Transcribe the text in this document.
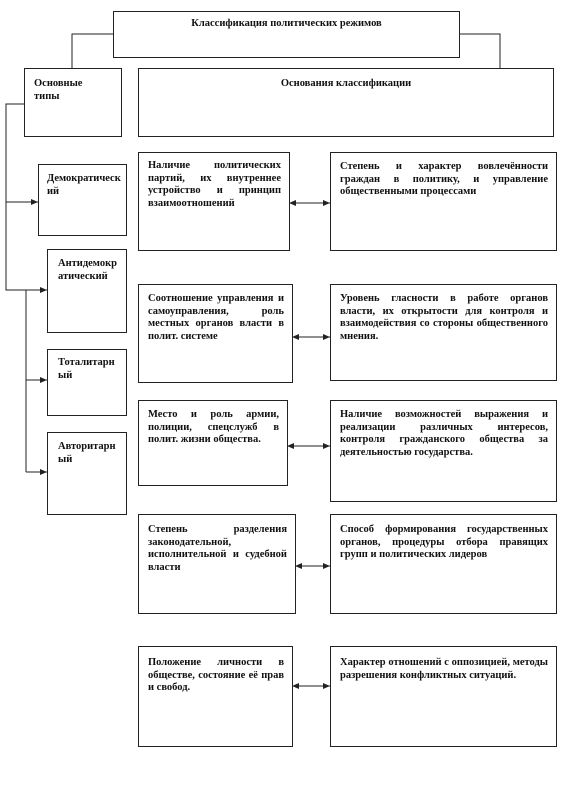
Классификация политических режимов
Основные типы
Основания классификации
Демократический
Антидемократический
Тоталитарный
Авторитарный
Наличие политических партий, их внутреннее устройство и принцип взаимоотношений
Степень и характер вовлечённости граждан в политику, и управление общественными процессами
Соотношение управления и самоуправления, роль местных органов власти в полит. системе
Уровень гласности в работе органов власти, их открытости для контроля и взаимодействия со стороны общественного мнения.
Место и роль армии, полиции, спецслужб в полит. жизни общества.
Наличие возможностей выражения и реализации различных интересов, контроля гражданского общества за деятельностью государства.
Степень разделения законодательной, исполнительной и судебной власти
Способ формирования государственных органов, процедуры отбора правящих групп и политических лидеров
Положение личности в обществе, состояние её прав и свобод.
Характер отношений с оппозицией, методы разрешения конфликтных ситуаций.
